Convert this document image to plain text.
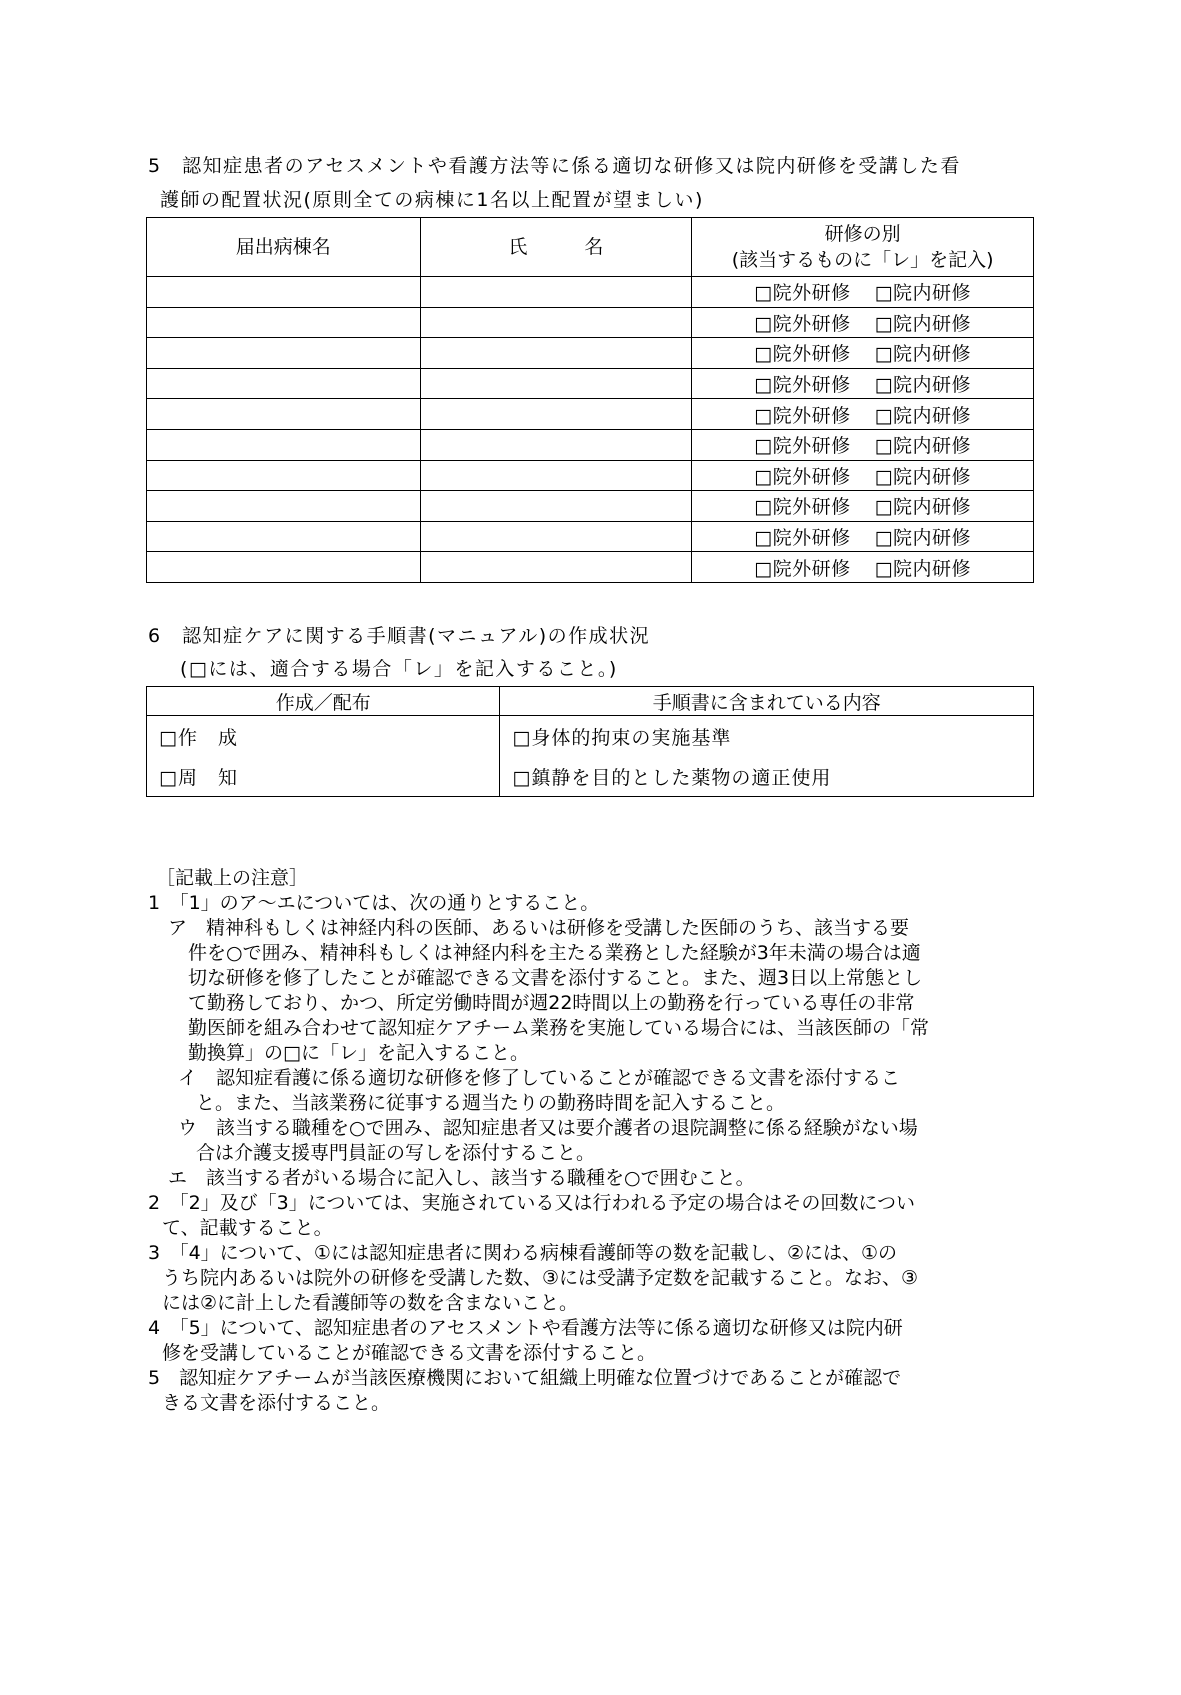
5　認知症患者のアセスメントや看護方法等に係る適切な研修又は院内研修を受講した看
護師の配置状況(原則全ての病棟に1名以上配置が望ましい)
届出病棟名	氏　　　名	研修の別
(該当するものに「レ」を記入)

		□院外研修 □院内研修
		□院外研修 □院内研修
		□院外研修 □院内研修
		□院外研修 □院内研修
		□院外研修 □院内研修
		□院外研修 □院内研修
		□院外研修 □院内研修
		□院外研修 □院内研修
		□院外研修 □院内研修
		□院外研修 □院内研修
6　認知症ケアに関する手順書(マニュアル)の作成状況
(□には、適合する場合「レ」を記入すること。)
作成／配布	手順書に含まれている内容
□作　成	□身体的拘束の実施基準
□周　知	□鎮静を目的とした薬物の適正使用
［記載上の注意］
1　「1」のア～エについては、次の通りとすること。
ア　精神科もしくは神経内科の医師、あるいは研修を受講した医師のうち、該当する要
件を○で囲み、精神科もしくは神経内科を主たる業務とした経験が3年未満の場合は適
切な研修を修了したことが確認できる文書を添付すること。また、週3日以上常態とし
て勤務しており、かつ、所定労働時間が週22時間以上の勤務を行っている専任の非常
勤医師を組み合わせて認知症ケアチーム業務を実施している場合には、当該医師の「常
勤換算」の□に「レ」を記入すること。
イ　認知症看護に係る適切な研修を修了していることが確認できる文書を添付するこ
と。また、当該業務に従事する週当たりの勤務時間を記入すること。
ウ　該当する職種を○で囲み、認知症患者又は要介護者の退院調整に係る経験がない場
合は介護支援専門員証の写しを添付すること。
エ　該当する者がいる場合に記入し、該当する職種を○で囲むこと。
2　「2」及び「3」については、実施されている又は行われる予定の場合はその回数につい
て、記載すること。
3　「4」について、①には認知症患者に関わる病棟看護師等の数を記載し、②には、①の
うち院内あるいは院外の研修を受講した数、③には受講予定数を記載すること。なお、③
には②に計上した看護師等の数を含まないこと。
4　「5」について、認知症患者のアセスメントや看護方法等に係る適切な研修又は院内研
修を受講していることが確認できる文書を添付すること。
5　認知症ケアチームが当該医療機関において組織上明確な位置づけであることが確認で
きる文書を添付すること。
